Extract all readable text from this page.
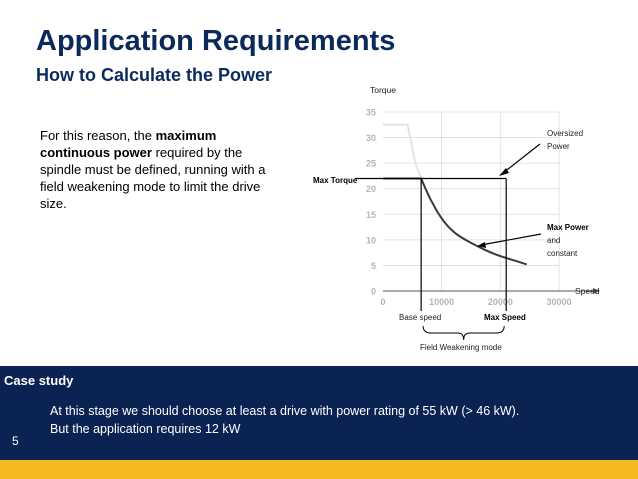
Application Requirements
How to Calculate the Power
For this reason, the maximum continuous power required by the spindle must be defined, running with a field weakening mode to limit the drive size.
0
5
10
15
20
25
30
35
0	10000	20000	30000
Torque
Speed
Max Torque
Oversized
Power
Max Power
and
constant
Base speed	Max Speed
Field Weakening mode
Case study
At this stage we should choose at least a drive with power rating of 55 kW (> 46 kW).
But the application requires 12 kW
5
